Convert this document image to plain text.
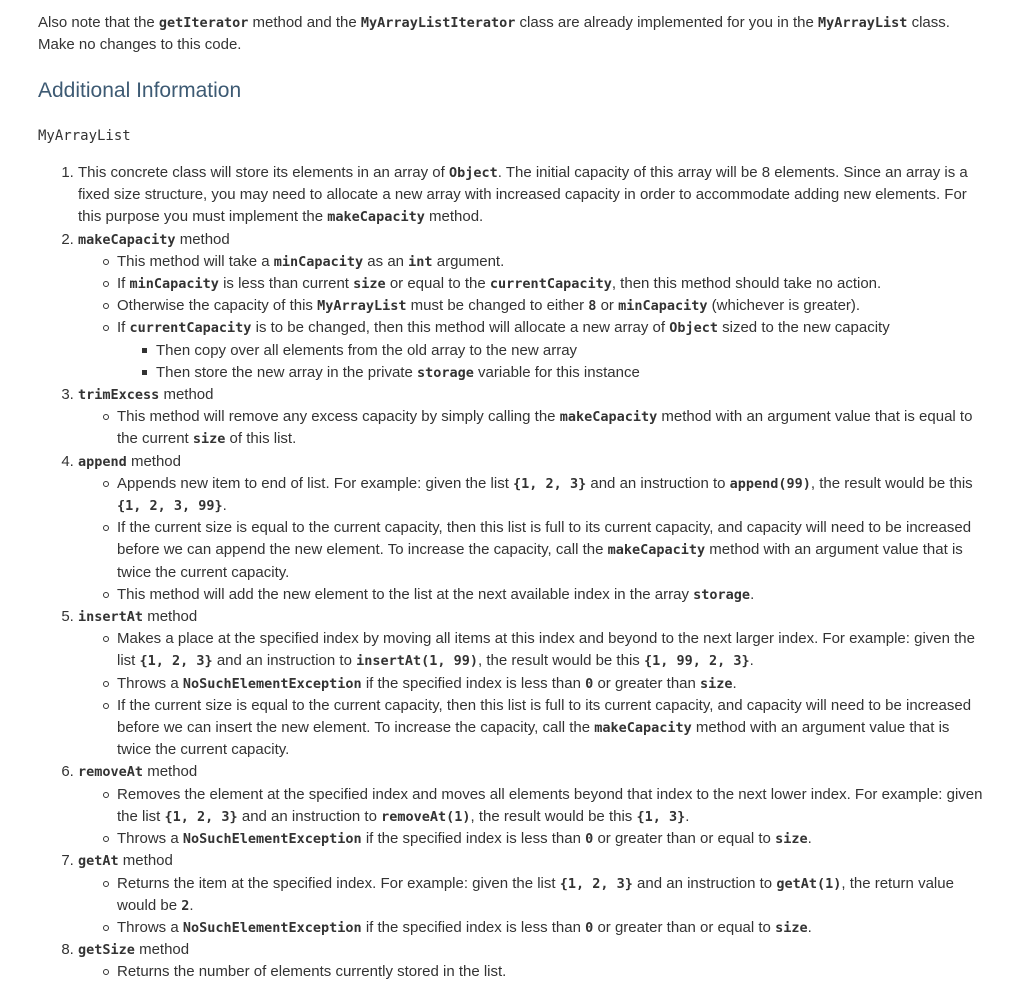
Also note that the getIterator method and the MyArrayListIterator class are already implemented for you in the MyArrayList class. Make no changes to this code.

Additional Information
MyArrayList
1. This concrete class will store its elements in an array of Object. The initial capacity of this array will be 8 elements. Since an array is a fixed size structure, you may need to allocate a new array with increased capacity in order to accommodate adding new elements. For this purpose you must implement the makeCapacity method.
2. makeCapacity method
This method will take a minCapacity as an int argument.
If minCapacity is less than current size or equal to the currentCapacity, then this method should take no action.
Otherwise the capacity of this MyArrayList must be changed to either 8 or minCapacity (whichever is greater).
If currentCapacity is to be changed, then this method will allocate a new array of Object sized to the new capacity
Then copy over all elements from the old array to the new array
Then store the new array in the private storage variable for this instance
3. trimExcess method
This method will remove any excess capacity by simply calling the makeCapacity method with an argument value that is equal to the current size of this list.
4. append method
Appends new item to end of list. For example: given the list {1, 2, 3} and an instruction to append(99), the result would be this {1, 2, 3, 99}.
If the current size is equal to the current capacity, then this list is full to its current capacity, and capacity will need to be increased before we can append the new element. To increase the capacity, call the makeCapacity method with an argument value that is twice the current capacity.
This method will add the new element to the list at the next available index in the array storage.
5. insertAt method
Makes a place at the specified index by moving all items at this index and beyond to the next larger index. For example: given the list {1, 2, 3} and an instruction to insertAt(1, 99), the result would be this {1, 99, 2, 3}.
Throws a NoSuchElementException if the specified index is less than 0 or greater than size.
If the current size is equal to the current capacity, then this list is full to its current capacity, and capacity will need to be increased before we can insert the new element. To increase the capacity, call the makeCapacity method with an argument value that is twice the current capacity.
6. removeAt method
Removes the element at the specified index and moves all elements beyond that index to the next lower index. For example: given the list {1, 2, 3} and an instruction to removeAt(1), the result would be this {1, 3}.
Throws a NoSuchElementException if the specified index is less than 0 or greater than or equal to size.
7. getAt method
Returns the item at the specified index. For example: given the list {1, 2, 3} and an instruction to getAt(1), the return value would be 2.
Throws a NoSuchElementException if the specified index is less than 0 or greater than or equal to size.
8. getSize method
Returns the number of elements currently stored in the list.
